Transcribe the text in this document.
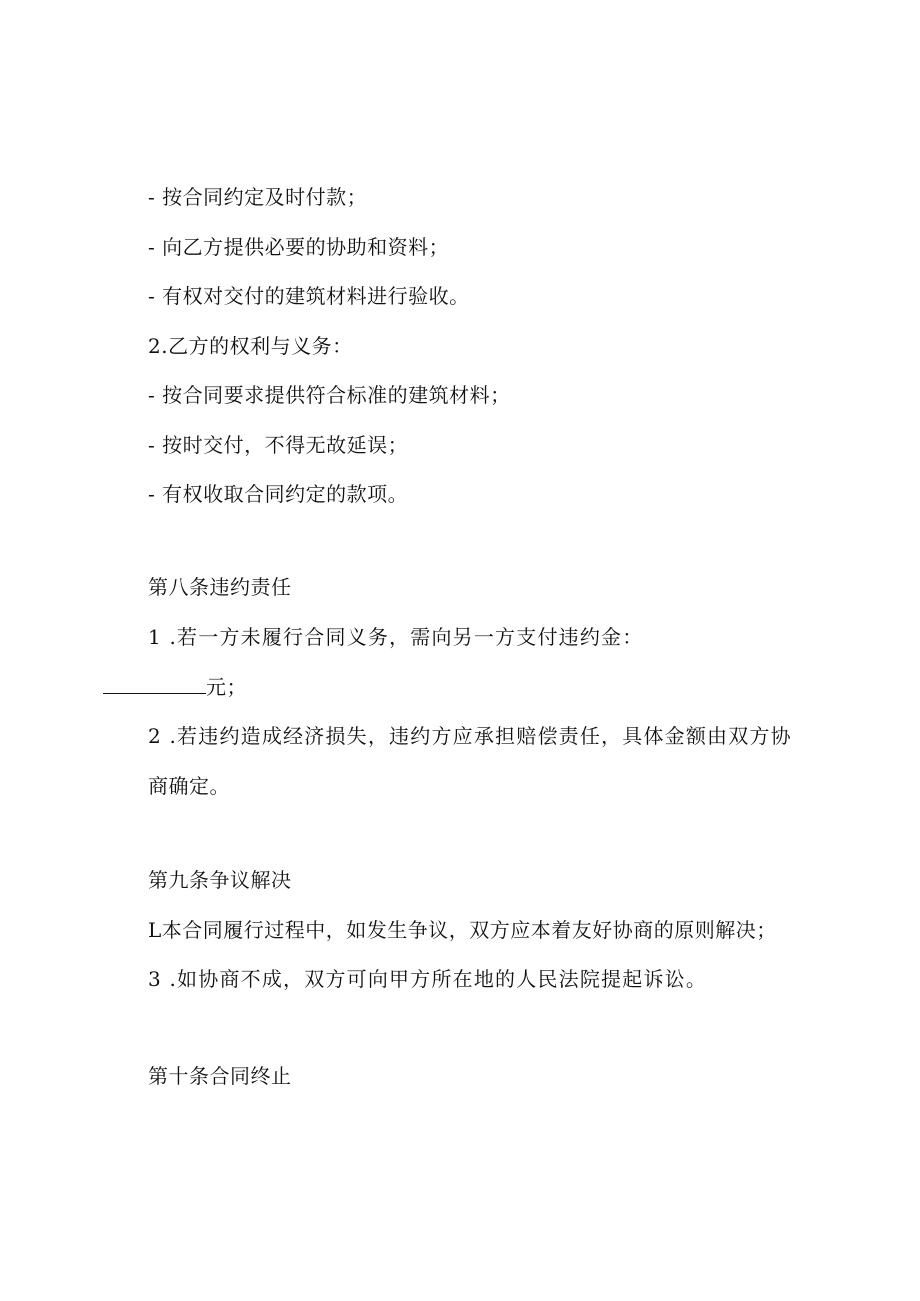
- 按合同约定及时付款；
- 向乙方提供必要的协助和资料；
- 有权对交付的建筑材料进行验收。
2.乙方的权利与义务：
- 按合同要求提供符合标准的建筑材料；
- 按时交付，不得无故延误；
- 有权收取合同约定的款项。
第八条违约责任
1 .若一方未履行合同义务，需向另一方支付违约金：
元；
2 .若违约造成经济损失，违约方应承担赔偿责任，具体金额由双方协
商确定。
第九条争议解决
L本合同履行过程中，如发生争议，双方应本着友好协商的原则解决；
3 .如协商不成，双方可向甲方所在地的人民法院提起诉讼。
第十条合同终止
